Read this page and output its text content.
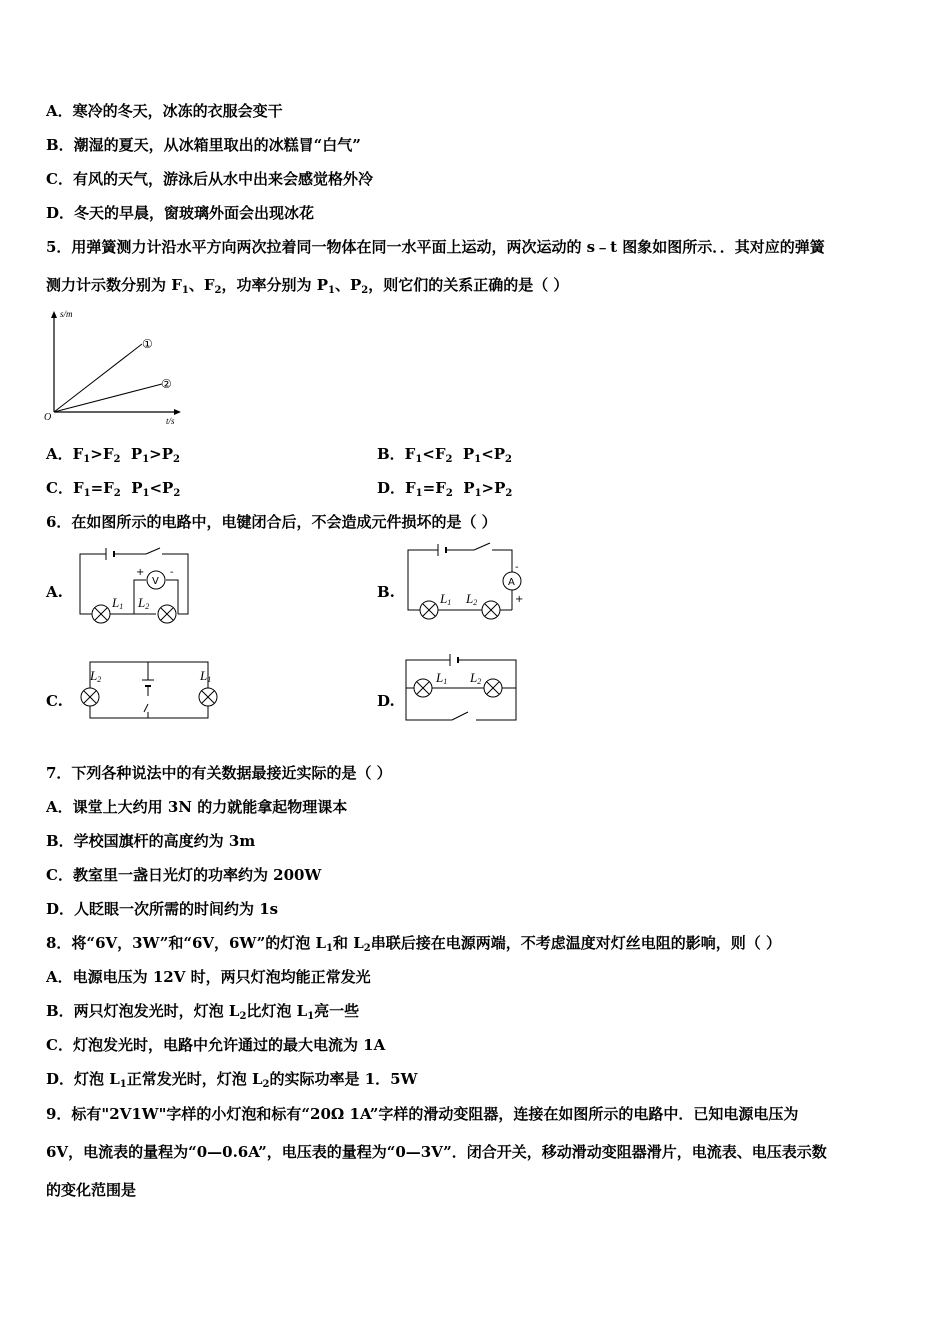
A．寒冷的冬天，冰冻的衣服会变干
B．潮湿的夏天，从冰箱里取出的冰糕冒“白气”
C．有风的天气，游泳后从水中出来会感觉格外冷
D．冬天的早晨，窗玻璃外面会出现冰花
5．用弹簧测力计沿水平方向两次拉着同一物体在同一水平面上运动，两次运动的 s﹣t 图象如图所示．．其对应的弹簧
测力计示数分别为 $F_1$、$F_2$，功率分别为 $P_1$、$P_2$，则它们的关系正确的是（ ）
s/m
t/s
O
①
②
A．$F_1>F_2$  $P_1>P_2$	B．$F_1<F_2$  $P_1<P_2$
C．$F_1=F_2$  $P_1<P_2$	D．$F_1=F_2$  $P_1>P_2$
6．在如图所示的电路中，电键闭合后，不会造成元件损坏的是（ ）
A.
V
+	-
L1 L2
B.
A
+
-
L1 L2
C.
L2	L1
D.
L1 L2
7．下列各种说法中的有关数据最接近实际的是（ ）
A．课堂上大约用 3N 的力就能拿起物理课本
B．学校国旗杆的高度约为 3m
C．教室里一盏日光灯的功率约为 200W
D．人眨眼一次所需的时间约为 1s
8．将“6V，3W”和“6V，6W”的灯泡 $L_1$和 $L_2$串联后接在电源两端，不考虑温度对灯丝电阻的影响，则（ ）
A．电源电压为 12V 时，两只灯泡均能正常发光
B．两只灯泡发光时，灯泡 $L_2$比灯泡 $L_1$亮一些
C．灯泡发光时，电路中允许通过的最大电流为 1A
D．灯泡 $L_1$正常发光时，灯泡 $L_2$的实际功率是 1．5W
9．标有"2V1W"字样的小灯泡和标有“20Ω 1A”字样的滑动变阻器，连接在如图所示的电路中．已知电源电压为
6V，电流表的量程为“0—0.6A”，电压表的量程为“0—3V”．闭合开关，移动滑动变阻器滑片，电流表、电压表示数
的变化范围是
